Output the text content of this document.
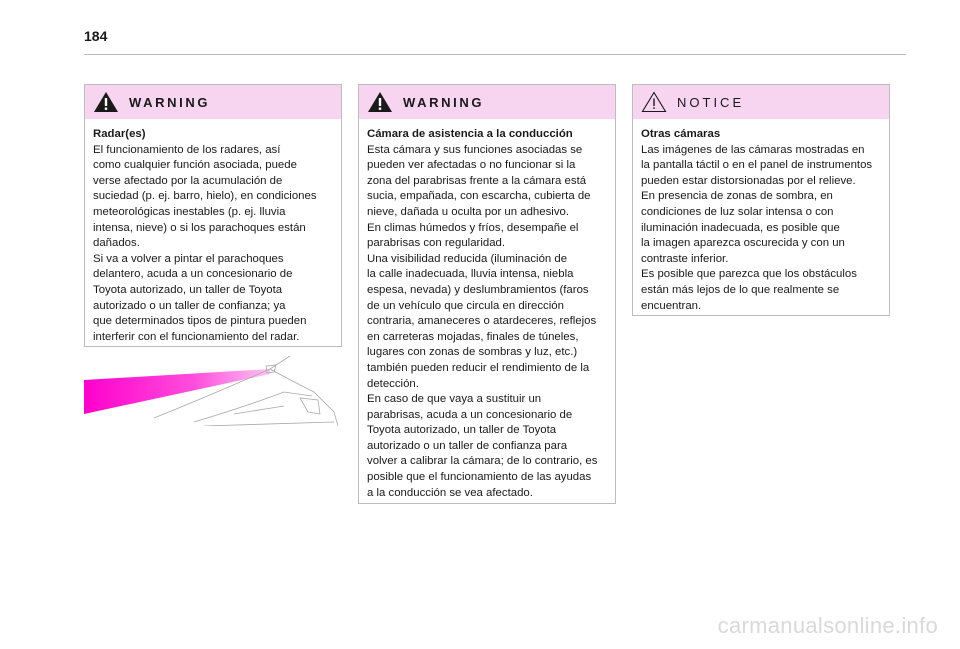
184
WARNING

Radar(es)

El funcionamiento de los radares, así

como cualquier función asociada, puede

verse afectado por la acumulación de

suciedad (p. ej. barro, hielo), en condiciones

meteorológicas inestables (p. ej. lluvia

intensa, nieve) o si los parachoques están

dañados.

Si va a volver a pintar el parachoques

delantero, acuda a un concesionario de

Toyota autorizado, un taller de Toyota

autorizado o un taller de confianza; ya

que determinados tipos de pintura pueden

interferir con el funcionamiento del radar.

WARNING

Cámara de asistencia a la conducción

Esta cámara y sus funciones asociadas se

pueden ver afectadas o no funcionar si la

zona del parabrisas frente a la cámara está

sucia, empañada, con escarcha, cubierta de

nieve, dañada u oculta por un adhesivo.

En climas húmedos y fríos, desempañe el

parabrisas con regularidad.

Una visibilidad reducida (iluminación de

la calle inadecuada, lluvia intensa, niebla

espesa, nevada) y deslumbramientos (faros

de un vehículo que circula en dirección

contraria, amaneceres o atardeceres, reflejos

en carreteras mojadas, finales de túneles,

lugares con zonas de sombras y luz, etc.)

también pueden reducir el rendimiento de la

detección.

En caso de que vaya a sustituir un

parabrisas, acuda a un concesionario de

Toyota autorizado, un taller de Toyota

autorizado o un taller de confianza para

volver a calibrar la cámara; de lo contrario, es

posible que el funcionamiento de las ayudas

a la conducción se vea afectado.

NOTICE

Otras cámaras

Las imágenes de las cámaras mostradas en

la pantalla táctil o en el panel de instrumentos

pueden estar distorsionadas por el relieve.

En presencia de zonas de sombra, en

condiciones de luz solar intensa o con

iluminación inadecuada, es posible que

la imagen aparezca oscurecida y con un

contraste inferior.

Es posible que parezca que los obstáculos

están más lejos de lo que realmente se

encuentran.

carmanualsonline.info
